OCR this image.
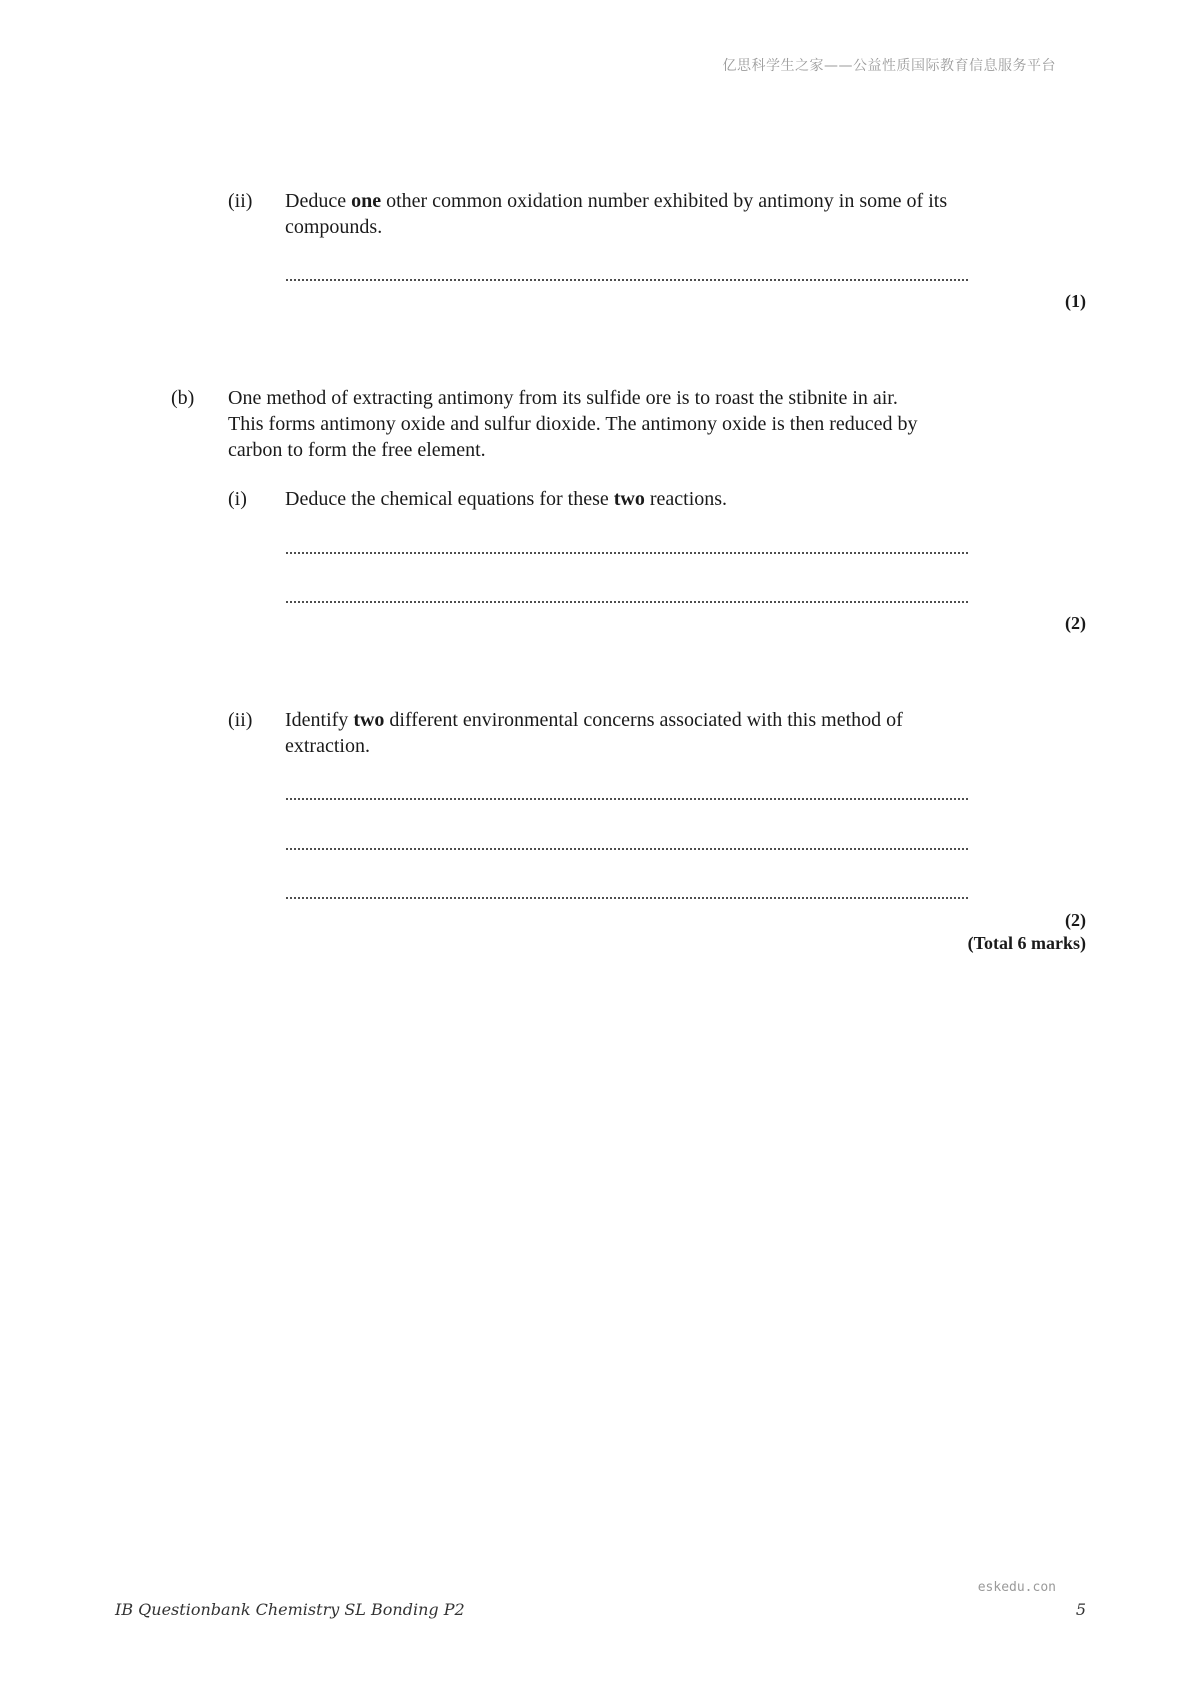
亿思科学生之家——公益性质国际教育信息服务平台
(ii) Deduce one other common oxidation number exhibited by antimony in some of its
compounds.
(1)
(b) One method of extracting antimony from its sulfide ore is to roast the stibnite in air.
This forms antimony oxide and sulfur dioxide. The antimony oxide is then reduced by
carbon to form the free element.
(i) Deduce the chemical equations for these two reactions.
(2)
(ii) Identify two different environmental concerns associated with this method of
extraction.
(2)
(Total 6 marks)
eskedu.con
IB Questionbank Chemistry SL Bonding P2	5
